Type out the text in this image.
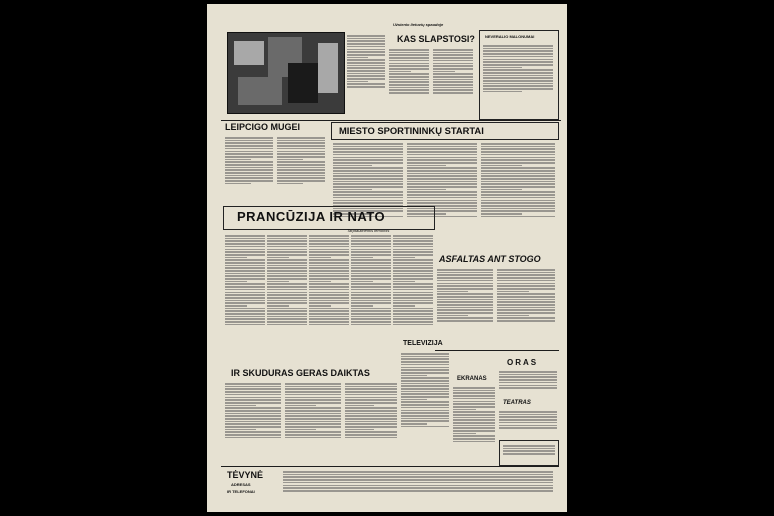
Užsienio lietuvių spaudoje
KAS SLAPSTOSI?	NEVERALIO MALONUMAI
LEIPCIGO MUGEI	MIESTO SPORTININKŲ STARTAI
PRANCŪZIJA IR NATO
Tarptautinėmis temomis
ASFALTAS ANT STOGO
TELEVIZIJA
EKRANAS
ORAS
TEATRAS
IR SKUDURAS GERAS DAIKTAS
TĖVYNĖ
ADRESAS
IR TELEFONAI
